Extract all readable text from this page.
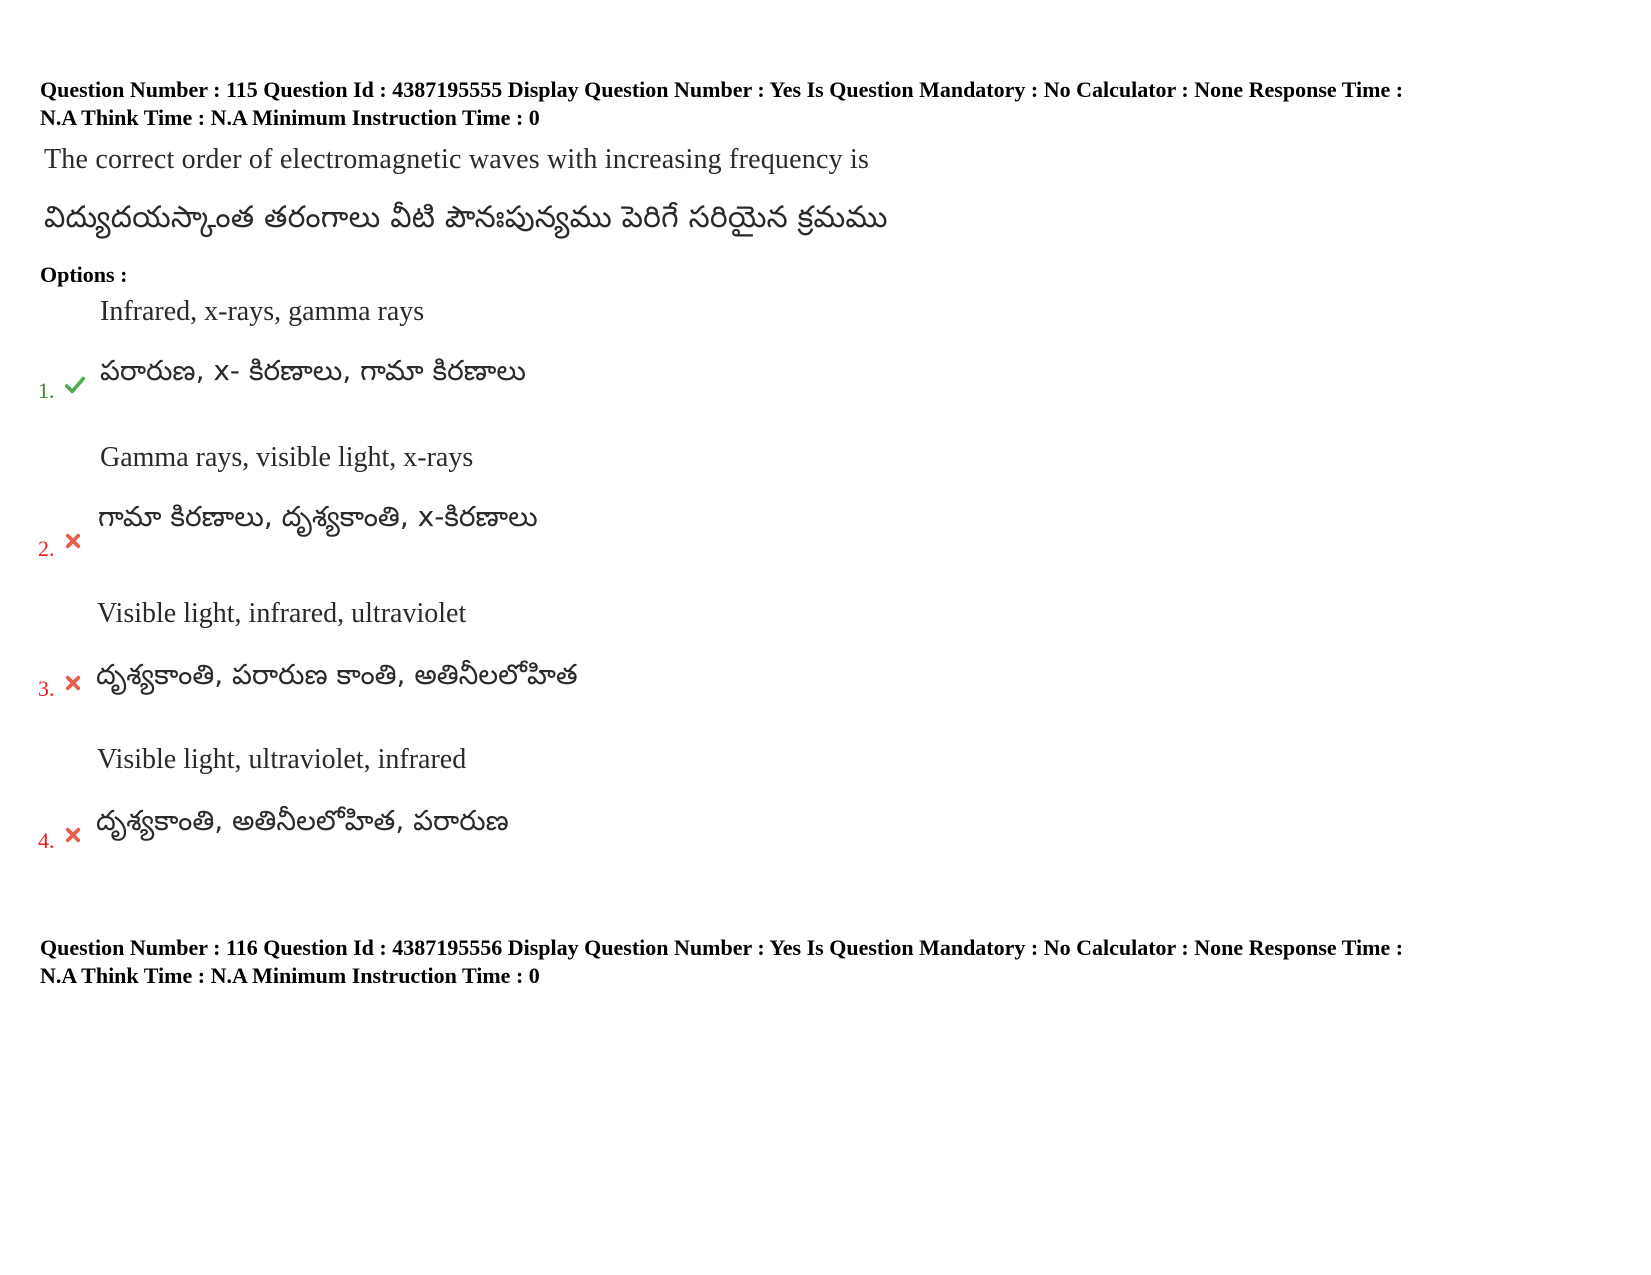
Question Number : 115 Question Id : 4387195555 Display Question Number : Yes Is Question Mandatory : No Calculator : None Response Time :
N.A Think Time : N.A Minimum Instruction Time : 0
The correct order of electromagnetic waves with increasing frequency is
విద్యుదయస్కాంత తరంగాలు వీటి పౌనఃపున్యము పెరిగే సరియైన క్రమము
Options :
Infrared, x-rays, gamma rays
పరారుణ, x- కిరణాలు, గామా కిరణాలు
1.
Gamma rays, visible light, x-rays
గామా కిరణాలు, దృశ్యకాంతి, x-కిరణాలు
2.
Visible light, infrared, ultraviolet
దృశ్యకాంతి, పరారుణ కాంతి, అతినీలలోహిత
3.
Visible light, ultraviolet, infrared
దృశ్యకాంతి, అతినీలలోహిత, పరారుణ
4.
Question Number : 116 Question Id : 4387195556 Display Question Number : Yes Is Question Mandatory : No Calculator : None Response Time :
N.A Think Time : N.A Minimum Instruction Time : 0
